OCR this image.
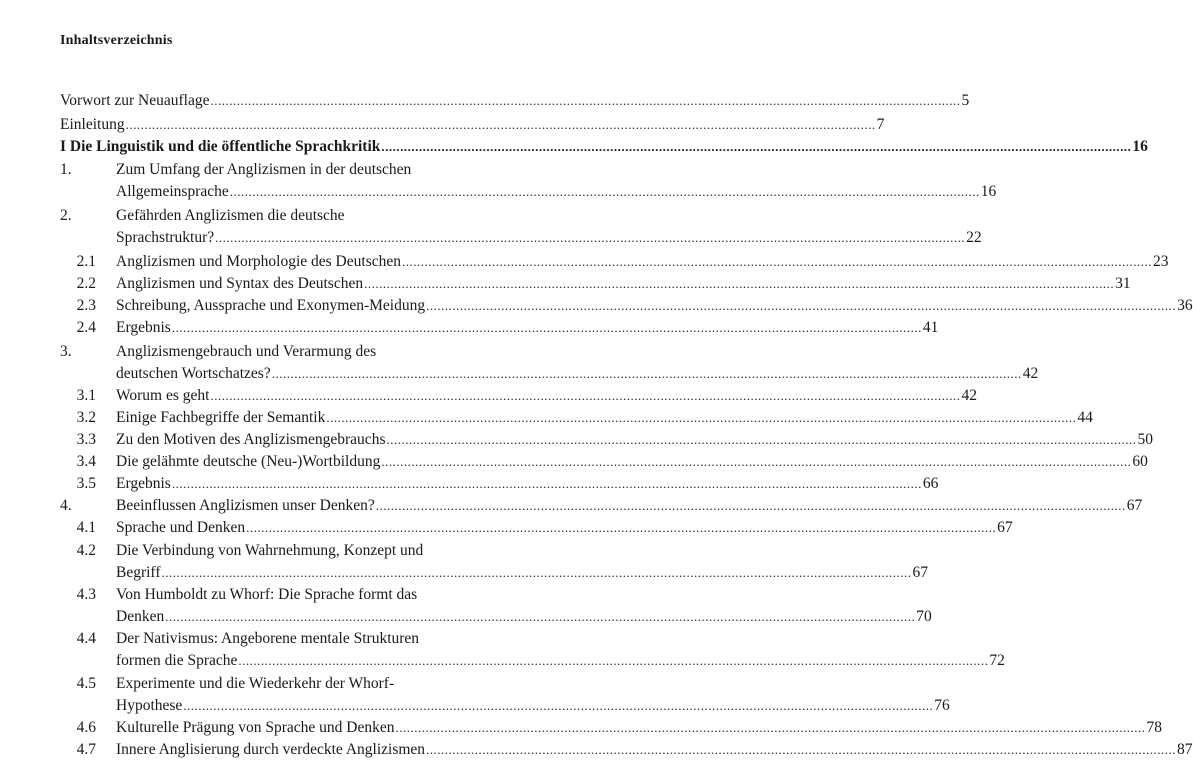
Inhaltsverzeichnis
Vorwort zur Neuauflage ........................................................................................................................................................................................................ 5
Einleitung ........................................................................................................................................................................................................ 7
I Die Linguistik und die öffentliche Sprachkritik ........................................................................................................................................................................................................ 16
1.	Zum Umfang der Anglizismen in der deutschen
Allgemeinsprache ........................................................................................................................................................................................................ 16
2.	Gefährden Anglizismen die deutsche
Sprachstruktur? ........................................................................................................................................................................................................ 22
2.1 Anglizismen und Morphologie des Deutschen ........................................................................................................................................................................................................ 23
2.2 Anglizismen und Syntax des Deutschen ........................................................................................................................................................................................................ 31
2.3 Schreibung, Aussprache und Exonymen-Meidung ........................................................................................................................................................................................................ 36
2.4 Ergebnis ........................................................................................................................................................................................................ 41
3.	Anglizismengebrauch und Verarmung des
deutschen Wortschatzes? ........................................................................................................................................................................................................ 42
3.1 Worum es geht ........................................................................................................................................................................................................ 42
3.2 Einige Fachbegriffe der Semantik ........................................................................................................................................................................................................ 44
3.3 Zu den Motiven des Anglizismengebrauchs ........................................................................................................................................................................................................ 50
3.4 Die gelähmte deutsche (Neu-)Wortbildung ........................................................................................................................................................................................................ 60
3.5 Ergebnis ........................................................................................................................................................................................................ 66
4.	Beeinflussen Anglizismen unser Denken? ........................................................................................................................................................................................................ 67
4.1 Sprache und Denken ........................................................................................................................................................................................................ 67
4.2 Die Verbindung von Wahrnehmung, Konzept und
Begriff ........................................................................................................................................................................................................ 67
4.3 Von Humboldt zu Whorf: Die Sprache formt das
Denken ........................................................................................................................................................................................................ 70
4.4 Der Nativismus: Angeborene mentale Strukturen
formen die Sprache ........................................................................................................................................................................................................ 72
4.5 Experimente und die Wiederkehr der Whorf-
Hypothese ........................................................................................................................................................................................................ 76
4.6 Kulturelle Prägung von Sprache und Denken ........................................................................................................................................................................................................ 78
4.7 Innere Anglisierung durch verdeckte Anglizismen ........................................................................................................................................................................................................ 87
